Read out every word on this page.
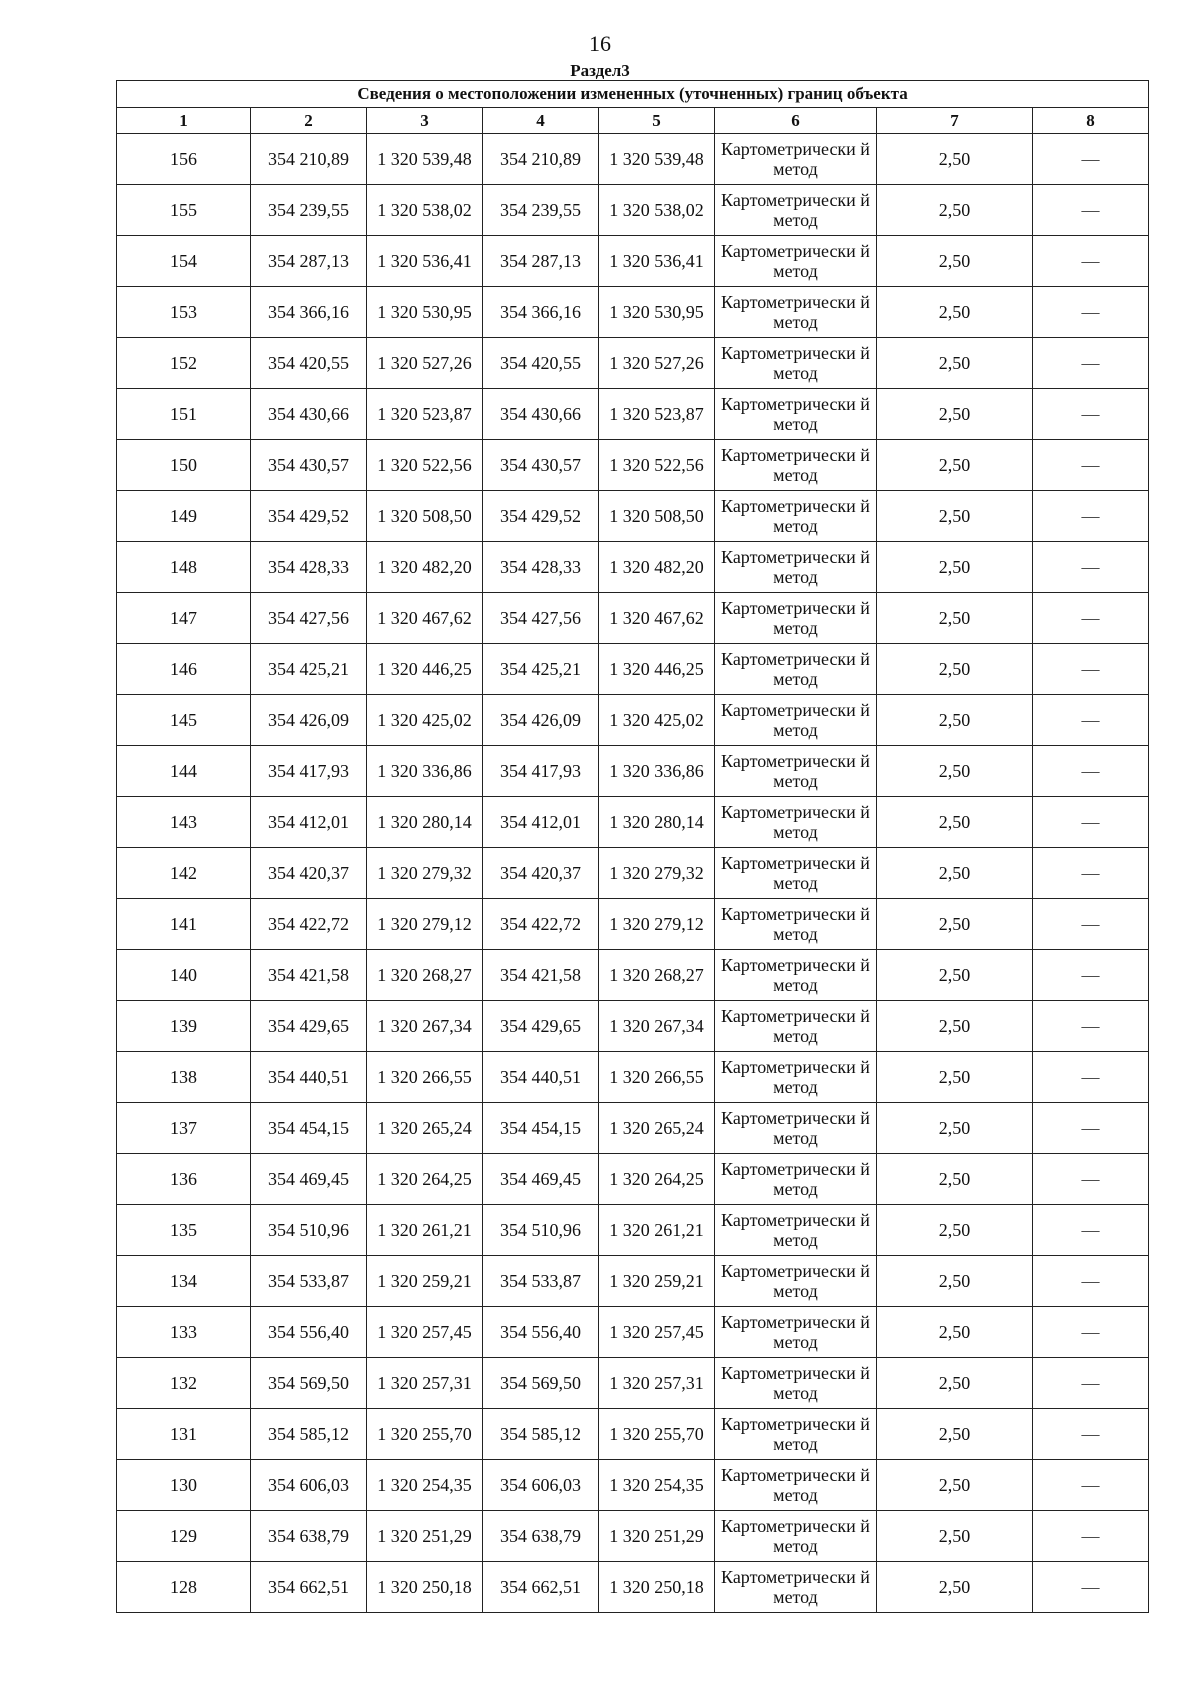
16
Раздел3
Сведения о местоположении измененных (уточненных) границ объекта							
1	2	3	4	5	6	7	8
156	354 210,89	1 320 539,48	354 210,89	1 320 539,48	Картометрически й метод	2,50	—
155	354 239,55	1 320 538,02	354 239,55	1 320 538,02	Картометрически й метод	2,50	—
154	354 287,13	1 320 536,41	354 287,13	1 320 536,41	Картометрически й метод	2,50	—
153	354 366,16	1 320 530,95	354 366,16	1 320 530,95	Картометрически й метод	2,50	—
152	354 420,55	1 320 527,26	354 420,55	1 320 527,26	Картометрически й метод	2,50	—
151	354 430,66	1 320 523,87	354 430,66	1 320 523,87	Картометрически й метод	2,50	—
150	354 430,57	1 320 522,56	354 430,57	1 320 522,56	Картометрически й метод	2,50	—
149	354 429,52	1 320 508,50	354 429,52	1 320 508,50	Картометрически й метод	2,50	—
148	354 428,33	1 320 482,20	354 428,33	1 320 482,20	Картометрически й метод	2,50	—
147	354 427,56	1 320 467,62	354 427,56	1 320 467,62	Картометрически й метод	2,50	—
146	354 425,21	1 320 446,25	354 425,21	1 320 446,25	Картометрически й метод	2,50	—
145	354 426,09	1 320 425,02	354 426,09	1 320 425,02	Картометрически й метод	2,50	—
144	354 417,93	1 320 336,86	354 417,93	1 320 336,86	Картометрически й метод	2,50	—
143	354 412,01	1 320 280,14	354 412,01	1 320 280,14	Картометрически й метод	2,50	—
142	354 420,37	1 320 279,32	354 420,37	1 320 279,32	Картометрически й метод	2,50	—
141	354 422,72	1 320 279,12	354 422,72	1 320 279,12	Картометрически й метод	2,50	—
140	354 421,58	1 320 268,27	354 421,58	1 320 268,27	Картометрически й метод	2,50	—
139	354 429,65	1 320 267,34	354 429,65	1 320 267,34	Картометрически й метод	2,50	—
138	354 440,51	1 320 266,55	354 440,51	1 320 266,55	Картометрически й метод	2,50	—
137	354 454,15	1 320 265,24	354 454,15	1 320 265,24	Картометрически й метод	2,50	—
136	354 469,45	1 320 264,25	354 469,45	1 320 264,25	Картометрически й метод	2,50	—
135	354 510,96	1 320 261,21	354 510,96	1 320 261,21	Картометрически й метод	2,50	—
134	354 533,87	1 320 259,21	354 533,87	1 320 259,21	Картометрически й метод	2,50	—
133	354 556,40	1 320 257,45	354 556,40	1 320 257,45	Картометрически й метод	2,50	—
132	354 569,50	1 320 257,31	354 569,50	1 320 257,31	Картометрически й метод	2,50	—
131	354 585,12	1 320 255,70	354 585,12	1 320 255,70	Картометрически й метод	2,50	—
130	354 606,03	1 320 254,35	354 606,03	1 320 254,35	Картометрически й метод	2,50	—
129	354 638,79	1 320 251,29	354 638,79	1 320 251,29	Картометрически й метод	2,50	—
128	354 662,51	1 320 250,18	354 662,51	1 320 250,18	Картометрически й метод	2,50	—
